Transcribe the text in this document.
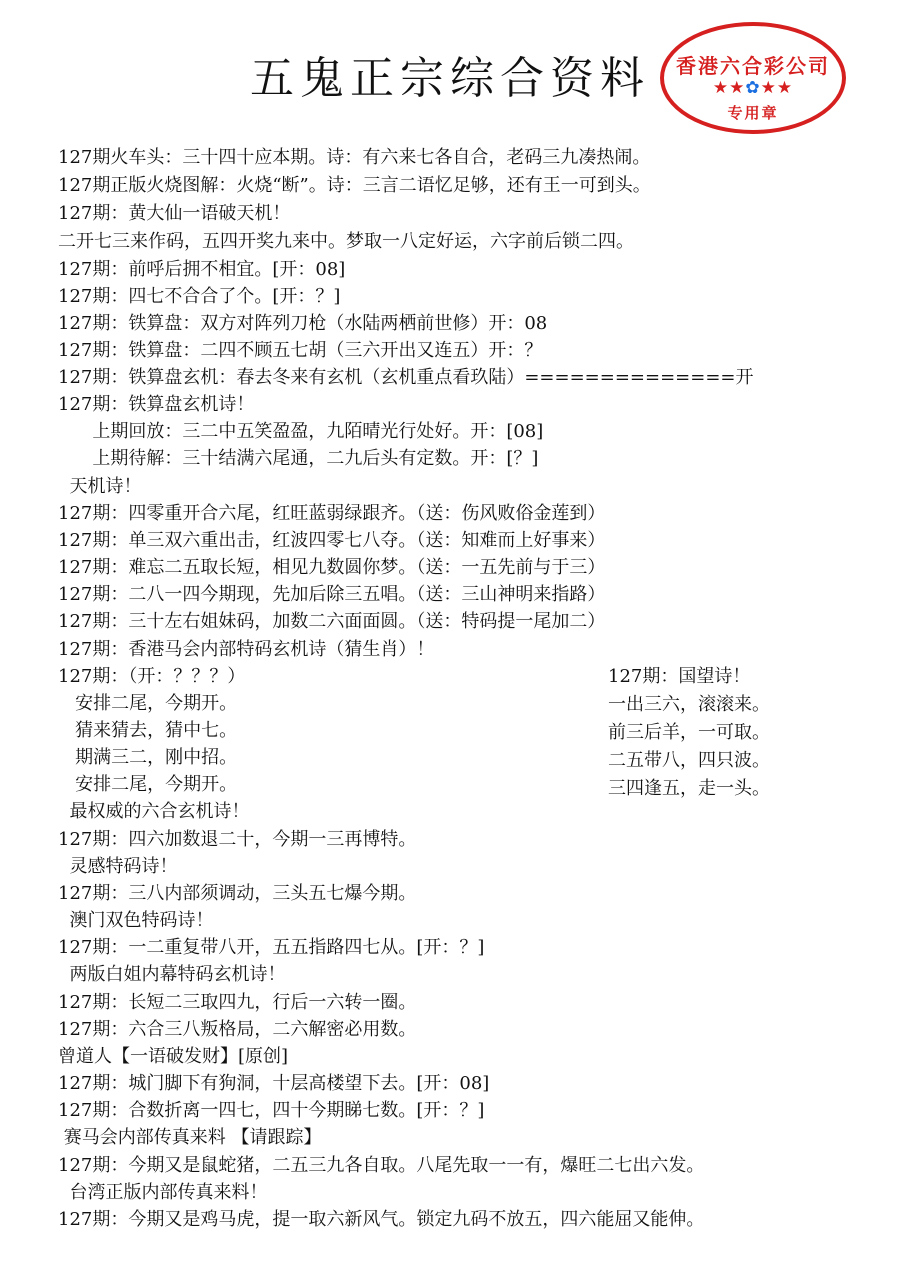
五鬼正宗综合资料	香港六合彩公司
★★✿★★
专用章
127期火车头：三十四十应本期。诗：有六来七各自合，老码三九凑热闹。
127期正版火烧图解：火烧“断”。诗：三言二语忆足够，还有王一可到头。
127期：黄大仙一语破天机！
二开七三来作码，五四开奖九来中。梦取一八定好运，六字前后锁二四。
127期：前呼后拥不相宜。[开：08]
127期：四七不合合了个。[开：？]
127期：铁算盘：双方对阵列刀枪（水陆两栖前世修）开：08
127期：铁算盘：二四不顾五七胡（三六开出又连五）开：？
127期：铁算盘玄机：春去冬来有玄机（玄机重点看玖陆）==============开
127期：铁算盘玄机诗！
上期回放：三二中五笑盈盈，九陌晴光行处好。开：[08]
上期待解：三十结满六尾通，二九后头有定数。开：[？]
天机诗！
127期：四零重开合六尾，红旺蓝弱绿跟齐。（送：伤风败俗金莲到）
127期：单三双六重出击，红波四零七八夺。（送：知难而上好事来）
127期：难忘二五取长短，相见九数圆你梦。（送：一五先前与于三）
127期：二八一四今期现，先加后除三五唱。（送：三山神明来指路）
127期：三十左右姐妹码，加数二六面面圆。（送：特码提一尾加二）
127期：香港马会内部特码玄机诗（猜生肖）！
127期：（开：？？？）
安排二尾，今期开。
猜来猜去，猜中七。
期满三二，刚中招。
安排二尾，今期开。
最权威的六合玄机诗！
127期：四六加数退二十，今期一三再博特。
灵感特码诗！
127期：三八内部须调动，三头五七爆今期。
澳门双色特码诗！
127期：一二重复带八开，五五指路四七从。[开：？]
两版白姐内幕特码玄机诗！
127期：长短二三取四九，行后一六转一圈。
127期：六合三八叛格局，二六解密必用数。
曾道人【一语破发财】[原创]
127期：城门脚下有狗洞，十层高楼望下去。[开：08]
127期：合数折离一四七，四十今期睇七数。[开：？]
赛马会内部传真来料 【请跟踪】
127期：今期又是鼠蛇猪，二五三九各自取。八尾先取一一有，爆旺二七出六发。
台湾正版内部传真来料！
127期：今期又是鸡马虎，提一取六新风气。锁定九码不放五，四六能屈又能伸。
127期：国望诗！
一出三六，滚滚来。
前三后羊，一可取。
二五带八，四只波。
三四逢五，走一头。
